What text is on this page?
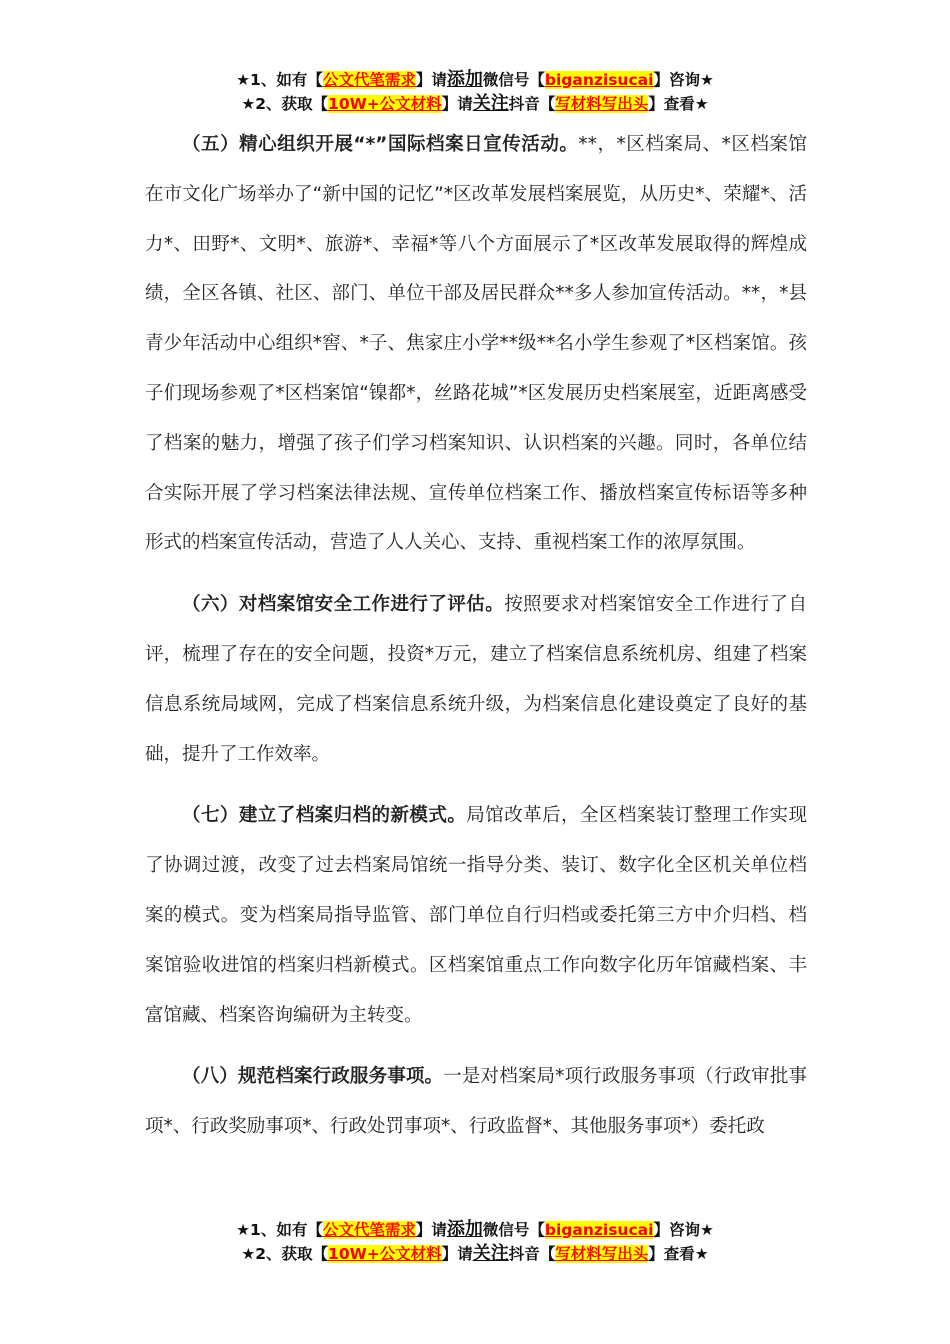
★1、如有【公文代笔需求】请添加微信号【biganzisucai】咨询★
★2、获取【10W+公文材料】请关注抖音【写材料写出头】查看★

（五）精心组织开展“*”国际档案日宣传活动。**，*区档案局、*区档案馆在市文化广场举办了“新中国的记忆”*区改革发展档案展览，从历史*、荣耀*、活力*、田野*、文明*、旅游*、幸福*等八个方面展示了*区改革发展取得的辉煌成绩，全区各镇、社区、部门、单位干部及居民群众**多人参加宣传活动。**，*县青少年活动中心组织*窖、*子、焦家庄小学**级**名小学生参观了*区档案馆。孩子们现场参观了*区档案馆“镍都*，丝路花城”*区发展历史档案展室，近距离感受了档案的魅力，增强了孩子们学习档案知识、认识档案的兴趣。同时，各单位结合实际开展了学习档案法律法规、宣传单位档案工作、播放档案宣传标语等多种形式的档案宣传活动，营造了人人关心、支持、重视档案工作的浓厚氛围。

（六）对档案馆安全工作进行了评估。按照要求对档案馆安全工作进行了自评，梳理了存在的安全问题，投资*万元，建立了档案信息系统机房、组建了档案信息系统局域网，完成了档案信息系统升级，为档案信息化建设奠定了良好的基础，提升了工作效率。

（七）建立了档案归档的新模式。局馆改革后，全区档案装订整理工作实现了协调过渡，改变了过去档案局馆统一指导分类、装订、数字化全区机关单位档案的模式。变为档案局指导监管、部门单位自行归档或委托第三方中介归档、档案馆验收进馆的档案归档新模式。区档案馆重点工作向数字化历年馆藏档案、丰富馆藏、档案咨询编研为主转变。

（八）规范档案行政服务事项。一是对档案局*项行政服务事项（行政审批事项*、行政奖励事项*、行政处罚事项*、行政监督*、其他服务事项*）委托政

★1、如有【公文代笔需求】请添加微信号【biganzisucai】咨询★
★2、获取【10W+公文材料】请关注抖音【写材料写出头】查看★
